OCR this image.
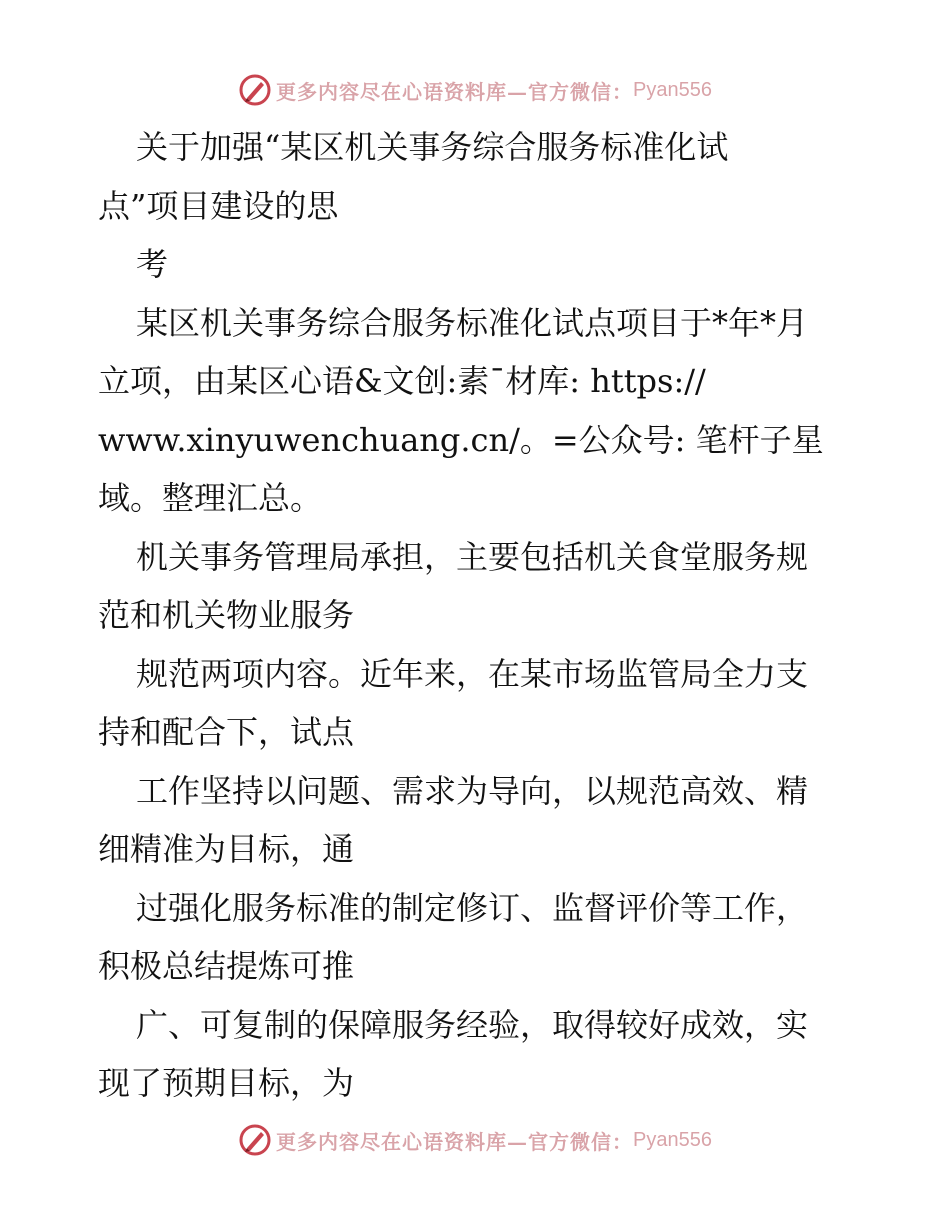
更多内容尽在心语资料库—官方微信： Pyan556
关于加强“某区机关事务综合服务标准化试
点”项目建设的思
考
某区机关事务综合服务标准化试点项目于*年*月
立项，由某区心语&文创:素¯材库: https://
www.xinyuwenchuang.cn/。=公众号: 笔杆子星
域。整理汇总。
机关事务管理局承担，主要包括机关食堂服务规
范和机关物业服务
规范两项内容。近年来，在某市场监管局全力支
持和配合下，试点
工作坚持以问题、需求为导向，以规范高效、精
细精准为目标，通
过强化服务标准的制定修订、监督评价等工作，
积极总结提炼可推
广、可复制的保障服务经验，取得较好成效，实
现了预期目标，为
更多内容尽在心语资料库—官方微信： Pyan556
